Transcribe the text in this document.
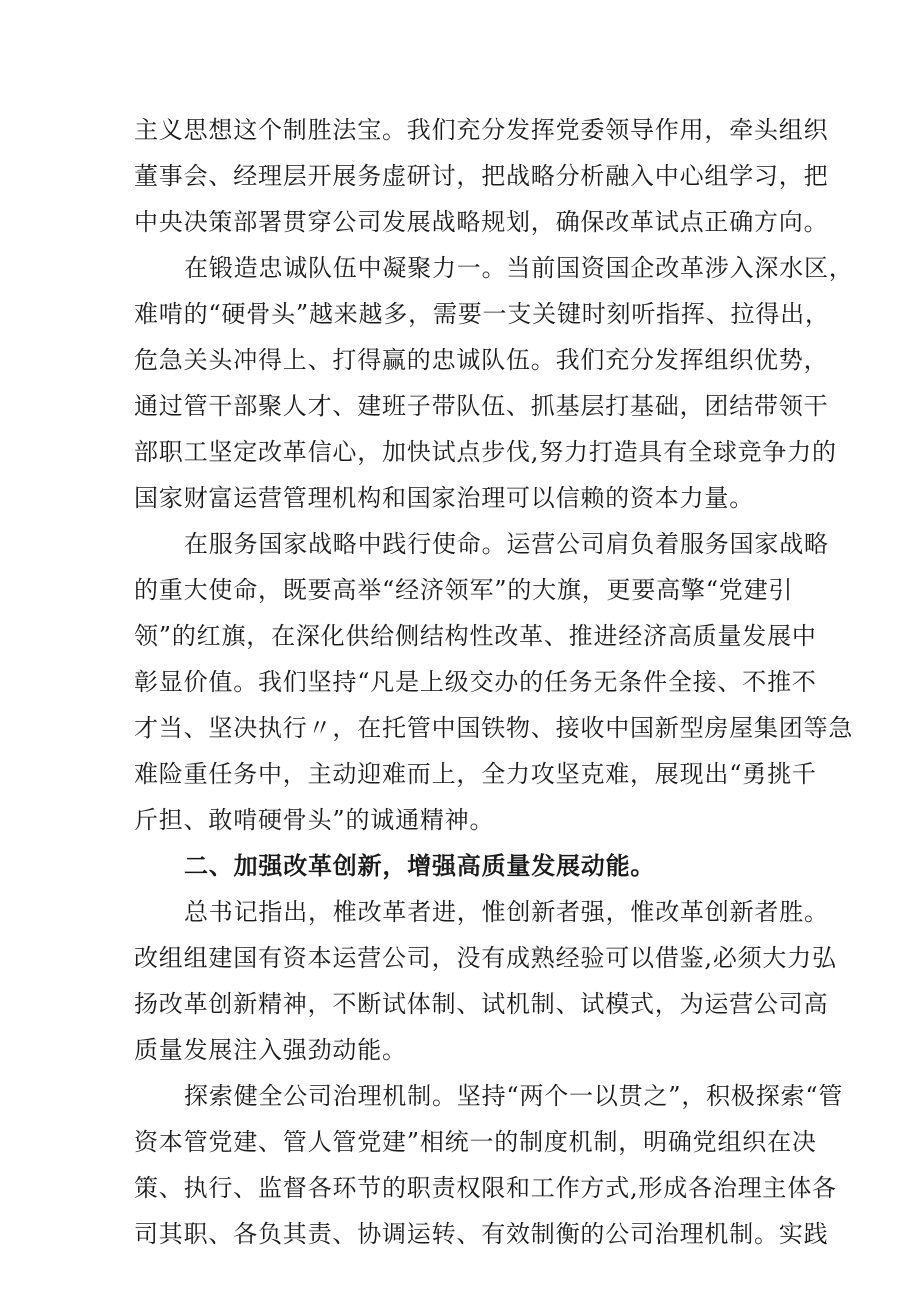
主义思想这个制胜法宝。我们充分发挥党委领导作用，牵头组织
董事会、经理层开展务虚研讨，把战略分析融入中心组学习，把
中央决策部署贯穿公司发展战略规划，确保改革试点正确方向。
在锻造忠诚队伍中凝聚力一。当前国资国企改革涉入深水区，
难啃的“硬骨头”越来越多，需要一支关键时刻听指挥、拉得出，
危急关头冲得上、打得赢的忠诚队伍。我们充分发挥组织优势，
通过管干部聚人才、建班子带队伍、抓基层打基础，团结带领干
部职工坚定改革信心，加快试点步伐,努力打造具有全球竞争力的
国家财富运营管理机构和国家治理可以信赖的资本力量。
在服务国家战略中践行使命。运营公司肩负着服务国家战略
的重大使命，既要高举“经济领军”的大旗，更要高擎“党建引
领”的红旗，在深化供给侧结构性改革、推进经济高质量发展中
彰显价值。我们坚持“凡是上级交办的任务无条件全接、不推不
才当、坚决执行〃，在托管中国铁物、接收中国新型房屋集团等急
难险重任务中，主动迎难而上，全力攻坚克难，展现出“勇挑千
斤担、敢啃硬骨头”的诚通精神。
二、加强改革创新，增强高质量发展动能。
总书记指出，椎改革者进，惟创新者强，惟改革创新者胜。
改组组建国有资本运营公司，没有成熟经验可以借鉴,必须大力弘
扬改革创新精神，不断试体制、试机制、试模式，为运营公司高
质量发展注入强劲动能。
探索健全公司治理机制。坚持“两个一以贯之”，积极探索“管
资本管党建、管人管党建”相统一的制度机制，明确党组织在决
策、执行、监督各环节的职责权限和工作方式,形成各治理主体各
司其职、各负其责、协调运转、有效制衡的公司治理机制。实践
